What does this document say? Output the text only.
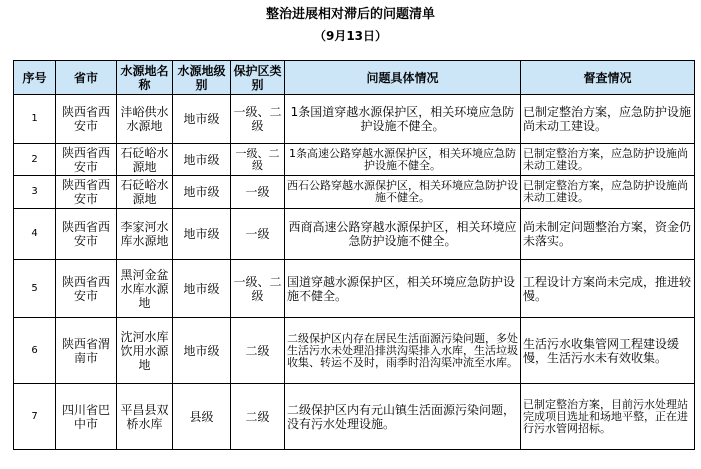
整治进展相对滞后的问题清单
（9月13日）
序号	省市	水源地名称	水源地级别	保护区类别	问题具体情况	督查情况
1	陕西省西安市	沣峪供水水源地	地市级	一级、二级	1条国道穿越水源保护区，相关环境应急防护设施不健全。	已制定整治方案，应急防护设施尚未动工建设。
2	陕西省西安市	石砭峪水源地	地市级	一级、二级	1条高速公路穿越水源保护区，相关环境应急防护设施不健全。	已制定整治方案，应急防护设施尚未动工建设。
3	陕西省西安市	石砭峪水源地	地市级	一级	西石公路穿越水源保护区，相关环境应急防护设施不健全。	已制定整治方案，应急防护设施尚未动工建设。
4	陕西省西安市	李家河水库水源地	地市级	一级	西商高速公路穿越水源保护区，相关环境应急防护设施不健全。	尚未制定问题整治方案，资金仍未落实。
5	陕西省西安市	黑河金盆水库水源地	地市级	一级、二级	国道穿越水源保护区，相关环境应急防护设施不健全。	工程设计方案尚未完成，推进较慢。
6	陕西省渭南市	沈河水库饮用水源地	地市级	二级	二级保护区内存在居民生活面源污染问题，多处生活污水未处理沿排洪沟渠排入水库，生活垃圾收集、转运不及时，雨季时沿沟渠冲流至水库。	生活污水收集管网工程建设缓慢，生活污水未有效收集。
7	四川省巴中市	平昌县双桥水库	县级	二级	二级保护区内有元山镇生活面源污染问题，没有污水处理设施。	已制定整治方案，目前污水处理站完成项目选址和场地平整，正在进行污水管网招标。
